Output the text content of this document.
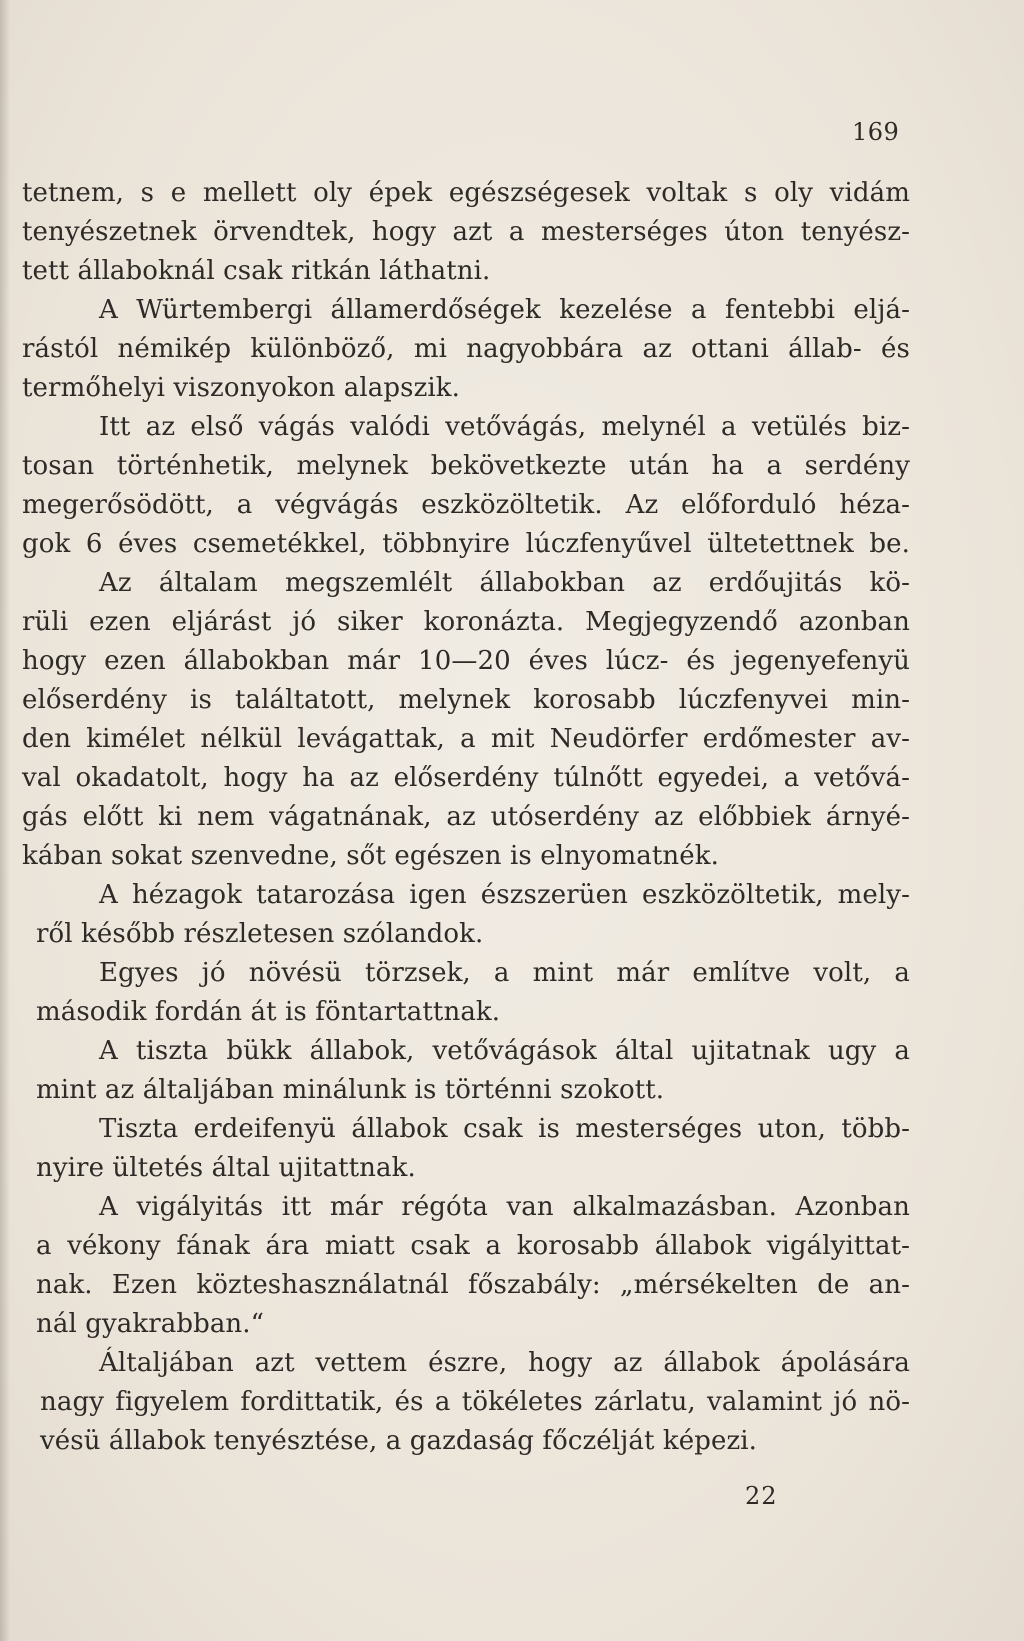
169
tetnem, s e mellett oly épek egészségesek voltak s oly vidám
tenyészetnek örvendtek, hogy azt a mesterséges úton tenyész-
tett állaboknál csak ritkán láthatni.
A Würtembergi államerdőségek kezelése a fentebbi eljá-
rástól némikép különböző, mi nagyobbára az ottani állab- és
termőhelyi viszonyokon alapszik.
Itt az első vágás valódi vetővágás, melynél a vetülés biz-
tosan történhetik, melynek bekövetkezte után ha a serdény
megerősödött, a végvágás eszközöltetik. Az előforduló héza-
gok 6 éves csemetékkel, többnyire lúczfenyűvel ültetettnek be.
Az általam megszemlélt állabokban az erdőujitás kö-
rüli ezen eljárást jó siker koronázta. Megjegyzendő azonban
hogy ezen állabokban már 10—20 éves lúcz- és jegenyefenyü
előserdény is találtatott, melynek korosabb lúczfenyvei min-
den kimélet nélkül levágattak, a mit Neudörfer erdőmester av-
val okadatolt, hogy ha az előserdény túlnőtt egyedei, a vetővá-
gás előtt ki nem vágatnának, az utóserdény az előbbiek árnyé-
kában sokat szenvedne, sőt egészen is elnyomatnék.
A hézagok tatarozása igen észszerüen eszközöltetik, mely-
ről később részletesen szólandok.
Egyes jó növésü törzsek, a mint már említve volt, a
második fordán át is föntartattnak.
A tiszta bükk állabok, vetővágások által ujitatnak ugy a
mint az általjában minálunk is történni szokott.
Tiszta erdeifenyü állabok csak is mesterséges uton, több-
nyire ültetés által ujitattnak.
A vigályitás itt már régóta van alkalmazásban. Azonban
a vékony fának ára miatt csak a korosabb állabok vigályittat-
nak. Ezen közteshasználatnál főszabály: „mérsékelten de an-
nál gyakrabban.“
Általjában azt vettem észre, hogy az állabok ápolására
nagy figyelem fordittatik, és a tökéletes zárlatu, valamint jó nö-
vésü állabok tenyésztése, a gazdaság főczélját képezi.
22
